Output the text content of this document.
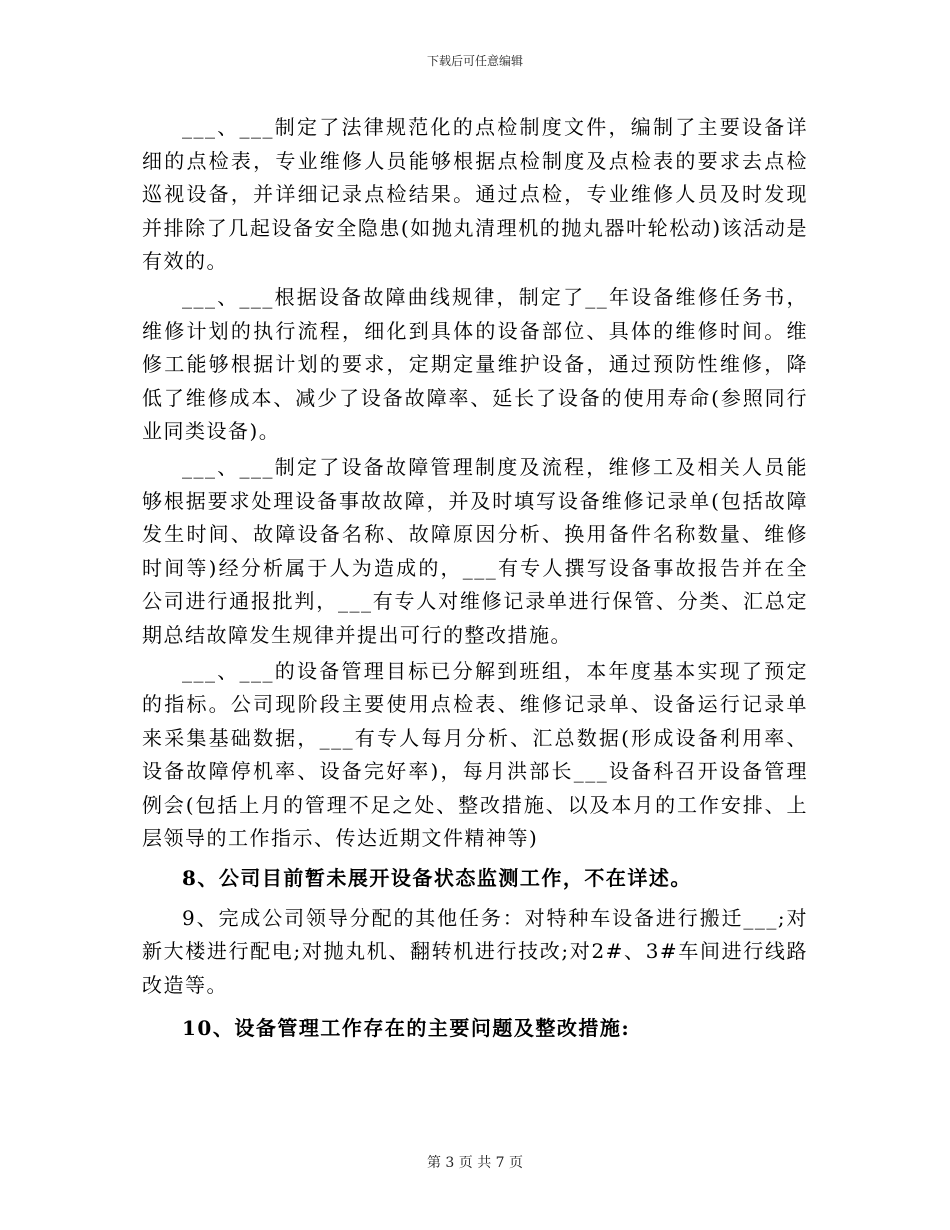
下载后可任意编辑

___、___制定了法律规范化的点检制度文件，编制了主要设备详细的点检表，专业维修人员能够根据点检制度及点检表的要求去点检巡视设备，并详细记录点检结果。通过点检，专业维修人员及时发现并排除了几起设备安全隐患(如抛丸清理机的抛丸器叶轮松动)该活动是有效的。

___、___根据设备故障曲线规律，制定了__年设备维修任务书，维修计划的执行流程，细化到具体的设备部位、具体的维修时间。维修工能够根据计划的要求，定期定量维护设备，通过预防性维修，降低了维修成本、减少了设备故障率、延长了设备的使用寿命(参照同行业同类设备)。

___、___制定了设备故障管理制度及流程，维修工及相关人员能够根据要求处理设备事故故障，并及时填写设备维修记录单(包括故障发生时间、故障设备名称、故障原因分析、换用备件名称数量、维修时间等)经分析属于人为造成的，___有专人撰写设备事故报告并在全公司进行通报批判，___有专人对维修记录单进行保管、分类、汇总定期总结故障发生规律并提出可行的整改措施。

___、___的设备管理目标已分解到班组，本年度基本实现了预定的指标。公司现阶段主要使用点检表、维修记录单、设备运行记录单来采集基础数据，___有专人每月分析、汇总数据(形成设备利用率、设备故障停机率、设备完好率)，每月洪部长___设备科召开设备管理例会(包括上月的管理不足之处、整改措施、以及本月的工作安排、上层领导的工作指示、传达近期文件精神等)

8、公司目前暂未展开设备状态监测工作，不在详述。

9、完成公司领导分配的其他任务：对特种车设备进行搬迁___;对新大楼进行配电;对抛丸机、翻转机进行技改;对2#、3#车间进行线路改造等。

10、设备管理工作存在的主要问题及整改措施:

第 3 页 共 7 页
